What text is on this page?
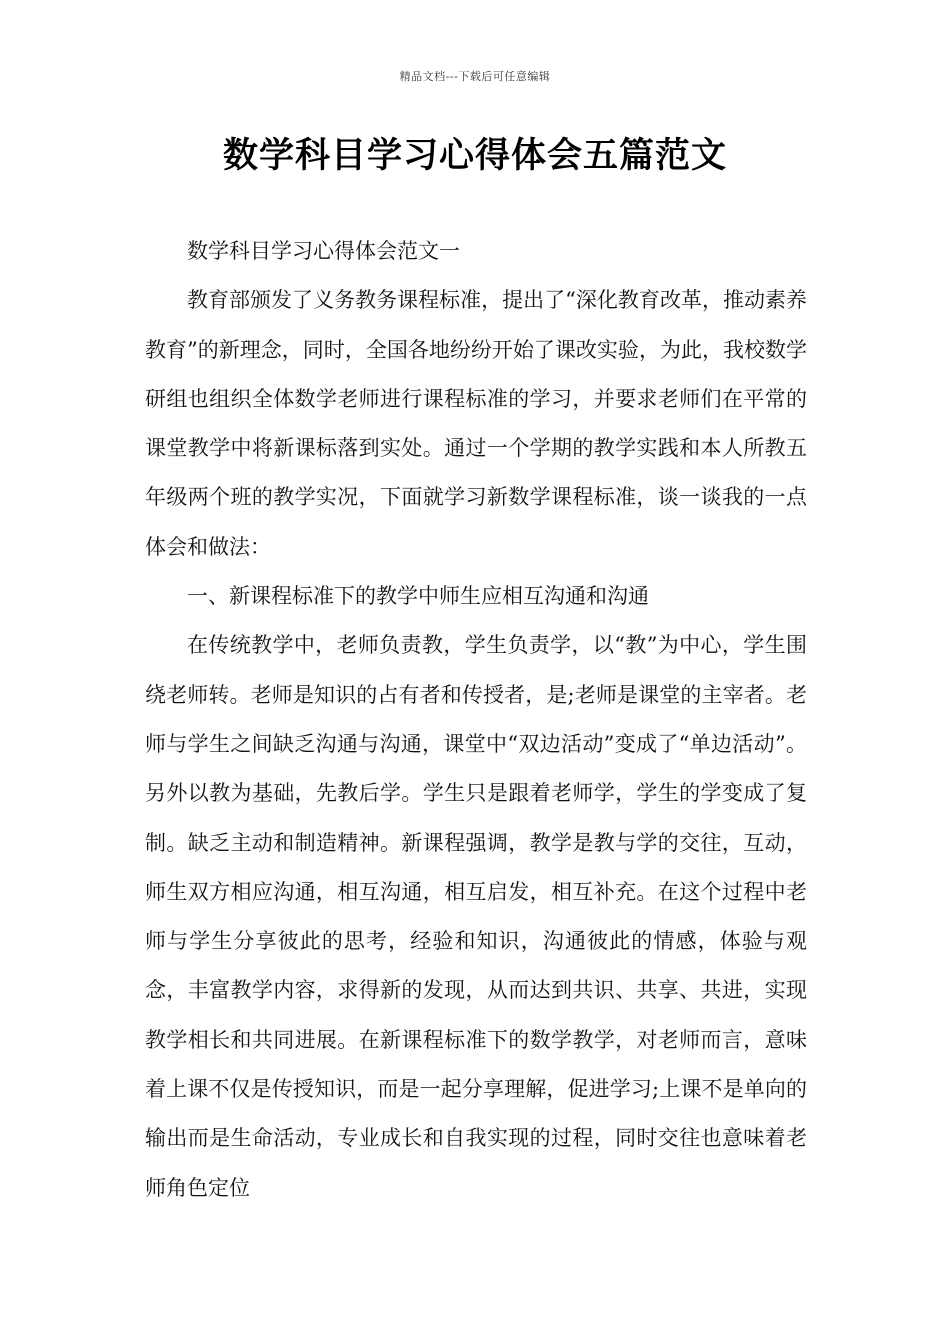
精品文档---下载后可任意编辑
数学科目学习心得体会五篇范文

数学科目学习心得体会范文一

教育部颁发了义务教务课程标准，提出了“深化教育改革，推动素养教育”的新理念，同时，全国各地纷纷开始了课改实验，为此，我校数学研组也组织全体数学老师进行课程标准的学习，并要求老师们在平常的课堂教学中将新课标落到实处。通过一个学期的教学实践和本人所教五年级两个班的教学实况，下面就学习新数学课程标准，谈一谈我的一点体会和做法：

一、新课程标准下的教学中师生应相互沟通和沟通

在传统教学中，老师负责教，学生负责学，以“教”为中心，学生围绕老师转。老师是知识的占有者和传授者，是;老师是课堂的主宰者。老师与学生之间缺乏沟通与沟通，课堂中“双边活动”变成了“单边活动”。另外以教为基础，先教后学。学生只是跟着老师学，学生的学变成了复制。缺乏主动和制造精神。新课程强调，教学是教与学的交往，互动，师生双方相应沟通，相互沟通，相互启发，相互补充。在这个过程中老师与学生分享彼此的思考，经验和知识，沟通彼此的情感，体验与观念，丰富教学内容，求得新的发现，从而达到共识、共享、共进，实现教学相长和共同进展。在新课程标准下的数学教学，对老师而言，意味着上课不仅是传授知识，而是一起分享理解，促进学习;上课不是单向的输出而是生命活动，专业成长和自我实现的过程，同时交往也意味着老师角色定位
